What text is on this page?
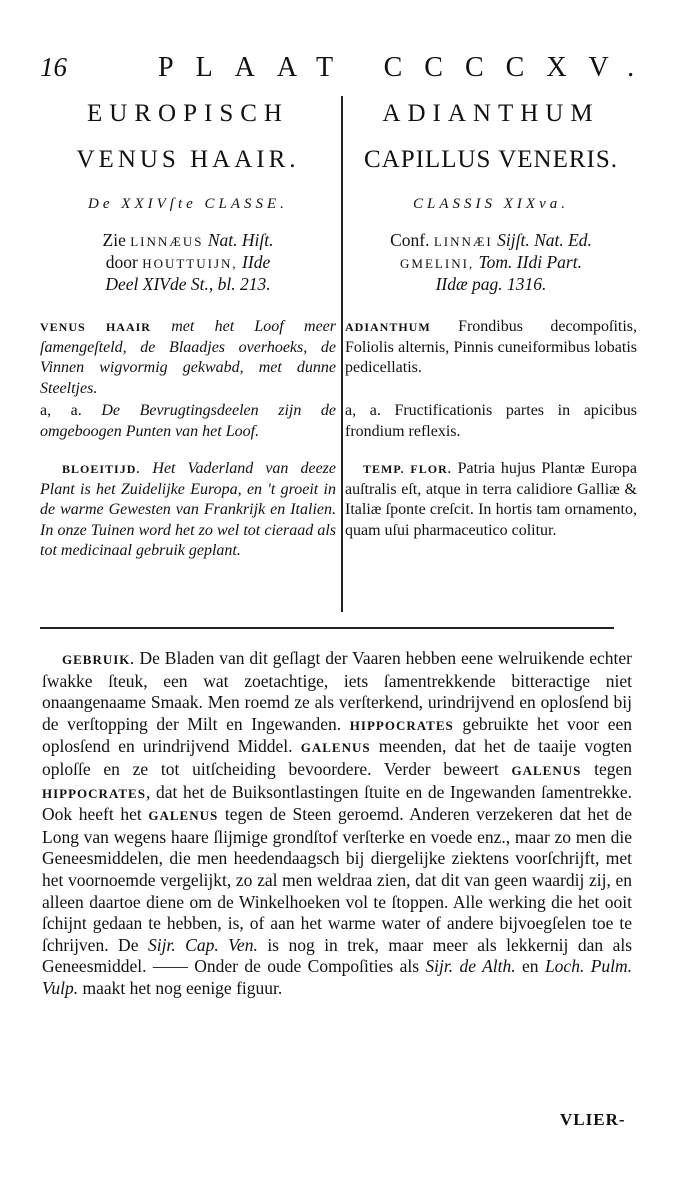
16	PLAAT CCCCXV.
EUROPISCH
VENUS HAAIR.
De XXIVſte CLASSE.
Zie LINNÆUS Nat. Hiſt.
door HOUTTUIJN, IIde
Deel XIVde St., bl. 213.
VENUS HAAIR met het Loof meer ſamengeſteld, de Blaadjes overhoeks, de Vinnen wigvormig gekwabd, met dunne Steeltjes.
a, a. De Bevrugtingsdeelen zijn de omgeboogen Punten van het Loof.
BLOEITIJD. Het Vaderland van deeze Plant is het Zuidelijke Europa, en 't groeit in de warme Gewesten van Frankrijk en Italien. In onze Tuinen word het zo wel tot cieraad als tot medicinaal gebruik geplant.
ADIANTHUM
CAPILLUS VENERIS.
CLASSIS XIXva.
Conf. LINNÆI Sijſt. Nat. Ed.
GMELINI, Tom. IIdi Part.
IIdæ pag. 1316.
ADIANTHUM Frondibus decompoſitis, Foliolis alternis, Pinnis cuneiformibus lobatis pedicellatis.
a, a. Fructificationis partes in apicibus frondium reflexis.
TEMP. FLOR. Patria hujus Plantæ Europa auſtralis eſt, atque in terra calidiore Galliæ & Italiæ ſponte creſcit. In hortis tam ornamento, quam uſui pharmaceutico colitur.
GEBRUIK. De Bladen van dit geſlagt der Vaaren hebben eene welruikende echter ſwakke ſteuk, een wat zoetachtige, iets ſamentrekkende bitteractige niet onaangenaame Smaak. Men roemd ze als verſterkend, urindrijvend en oplosſend bij de verſtopping der Milt en Ingewanden. HIPPOCRATES gebruikte het voor een oplosſend en urindrijvend Middel. GALENUS meenden, dat het de taaije vogten oploſſe en ze tot uitſcheiding bevoordere. Verder beweert GALENUS tegen HIPPOCRATES, dat het de Buiksontlastingen ſtuite en de Ingewanden ſamentrekke. Ook heeft het GALENUS tegen de Steen geroemd. Anderen verzekeren dat het de Long van wegens haare ſlijmige grondſtof verſterke en voede enz., maar zo men die Geneesmiddelen, die men heedendaagsch bij diergelijke ziektens voorſchrijft, met het voornoemde vergelijkt, zo zal men weldraa zien, dat dit van geen waardij zij, en alleen daartoe diene om de Winkelhoeken vol te ſtoppen. Alle werking die het ooit ſchijnt gedaan te hebben, is, of aan het warme water of andere bijvoegſelen toe te ſchrijven. De Sijr. Cap. Ven. is nog in trek, maar meer als lekkernij dan als Geneesmiddel. —— Onder de oude Compoſities als Sijr. de Alth. en Loch. Pulm. Vulp. maakt het nog eenige figuur.
VLIER-
